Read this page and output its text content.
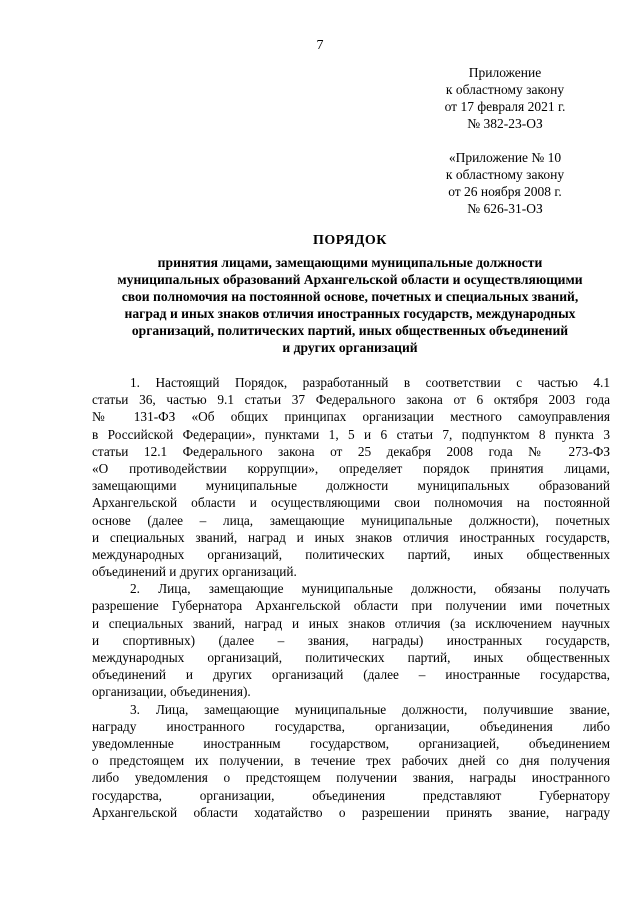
7
Приложение
к областному закону
от 17 февраля 2021 г.
№ 382-23-ОЗ
«Приложение № 10
к областному закону
от 26 ноября 2008 г.
№ 626-31-ОЗ
ПОРЯДОК
принятия лицами, замещающими муниципальные должности
муниципальных образований Архангельской области и осуществляющими
свои полномочия на постоянной основе, почетных и специальных званий,
наград и иных знаков отличия иностранных государств, международных
организаций, политических партий, иных общественных объединений
и других организаций

1. Настоящий Порядок, разработанный в соответствии с частью 4.1
статьи 36, частью 9.1 статьи 37 Федерального закона от 6 октября 2003 года
№ 131-ФЗ «Об общих принципах организации местного самоуправления
в Российской Федерации», пунктами 1, 5 и 6 статьи 7, подпунктом 8 пункта 3
статьи 12.1 Федерального закона от 25 декабря 2008 года № 273-ФЗ
«О противодействии коррупции», определяет порядок принятия лицами,
замещающими муниципальные должности муниципальных образований
Архангельской области и осуществляющими свои полномочия на постоянной
основе (далее – лица, замещающие муниципальные должности), почетных
и специальных званий, наград и иных знаков отличия иностранных государств,
международных организаций, политических партий, иных общественных
объединений и других организаций.

2. Лица, замещающие муниципальные должности, обязаны получать
разрешение Губернатора Архангельской области при получении ими почетных
и специальных званий, наград и иных знаков отличия (за исключением научных
и спортивных) (далее – звания, награды) иностранных государств,
международных организаций, политических партий, иных общественных
объединений и других организаций (далее – иностранные государства,
организации, объединения).

3. Лица, замещающие муниципальные должности, получившие звание,
награду иностранного государства, организации, объединения либо
уведомленные иностранным государством, организацией, объединением
о предстоящем их получении, в течение трех рабочих дней со дня получения
либо уведомления о предстоящем получении звания, награды иностранного
государства, организации, объединения представляют Губернатору
Архангельской области ходатайство о разрешении принять звание, награду
